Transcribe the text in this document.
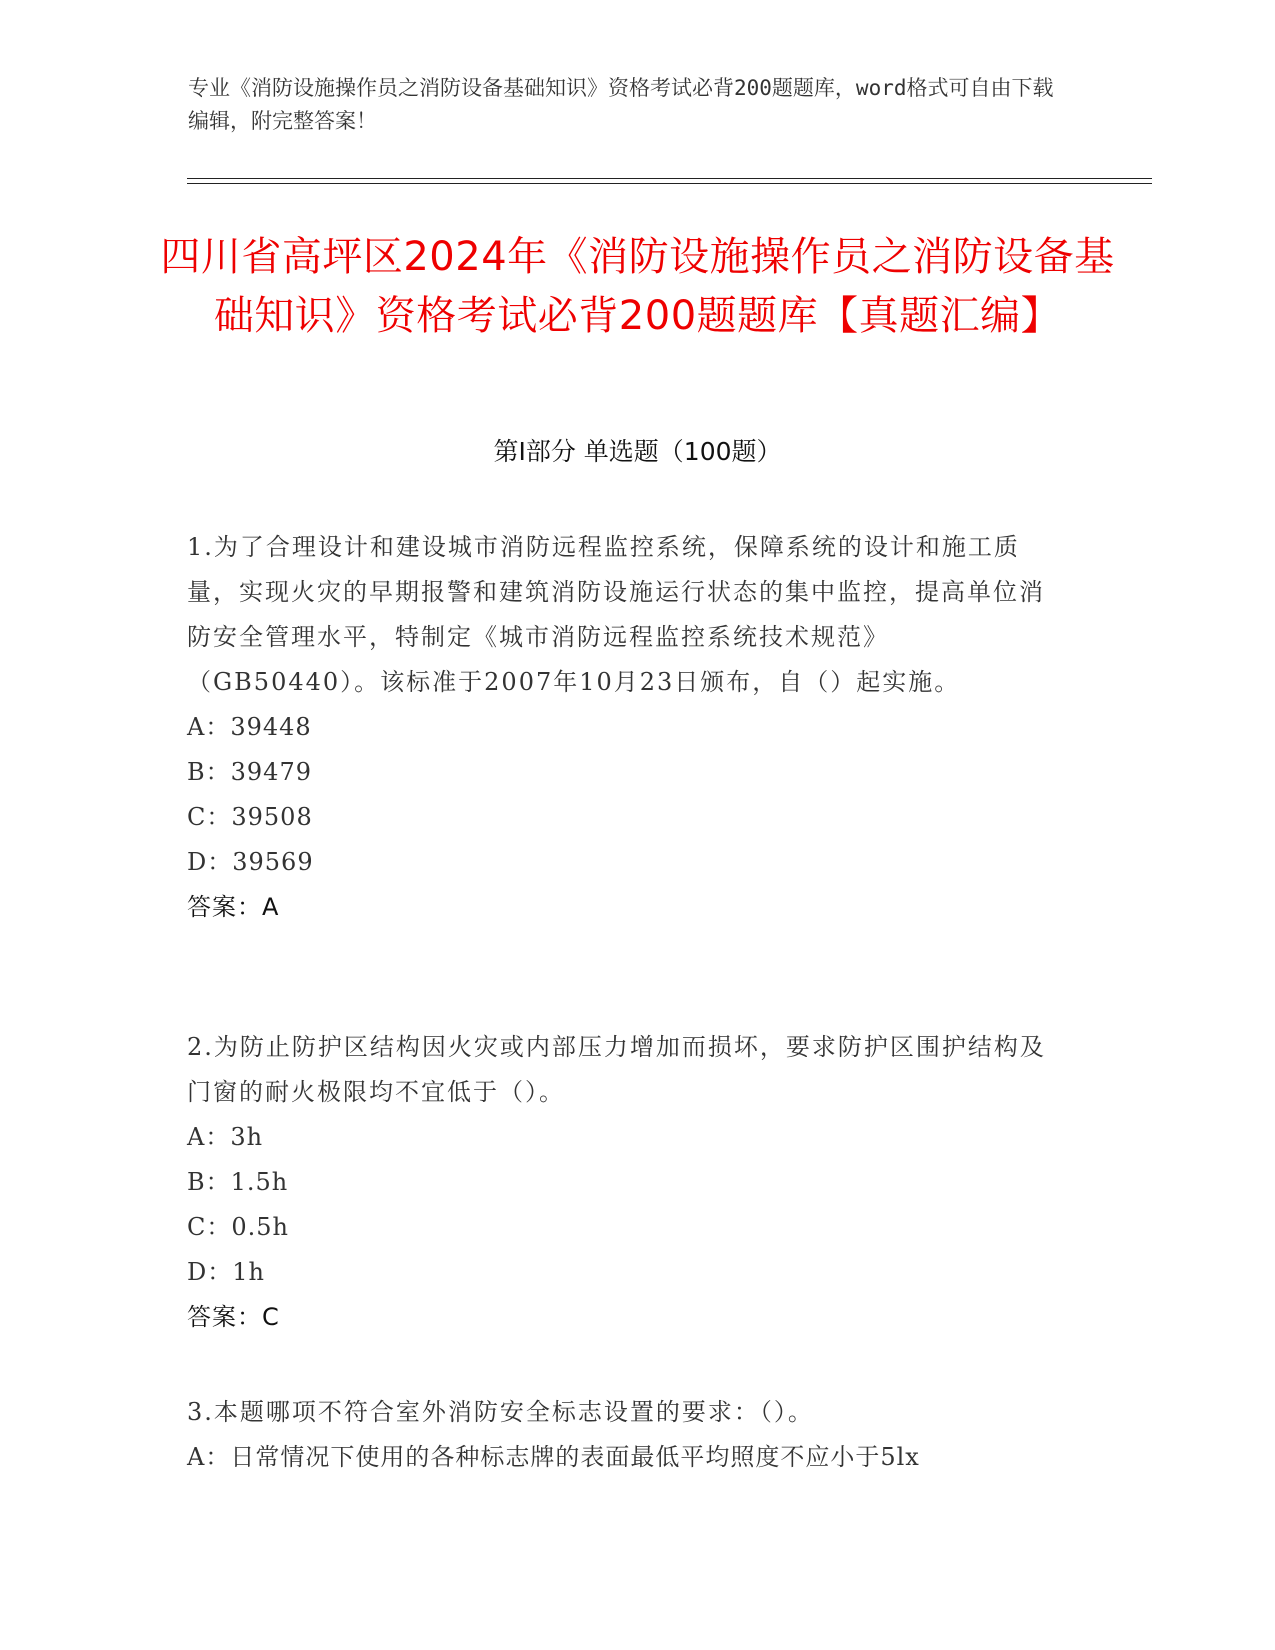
专业《消防设施操作员之消防设备基础知识》资格考试必背200题题库，word格式可自由下载编辑，附完整答案！
四川省高坪区2024年《消防设施操作员之消防设备基础知识》资格考试必背200题题库【真题汇编】
第I部分 单选题（100题）

1.为了合理设计和建设城市消防远程监控系统，保障系统的设计和施工质量，实现火灾的早期报警和建筑消防设施运行状态的集中监控，提高单位消防安全管理水平，特制定《城市消防远程监控系统技术规范》（GB50440）。该标准于2007年10月23日颁布，自（）起实施。

A：39448

B：39479

C：39508

D：39569

答案：A

2.为防止防护区结构因火灾或内部压力增加而损坏，要求防护区围护结构及门窗的耐火极限均不宜低于（）。

A：3h

B：1.5h

C：0.5h

D：1h

答案：C

3.本题哪项不符合室外消防安全标志设置的要求：（）。

A：日常情况下使用的各种标志牌的表面最低平均照度不应小于5lx
